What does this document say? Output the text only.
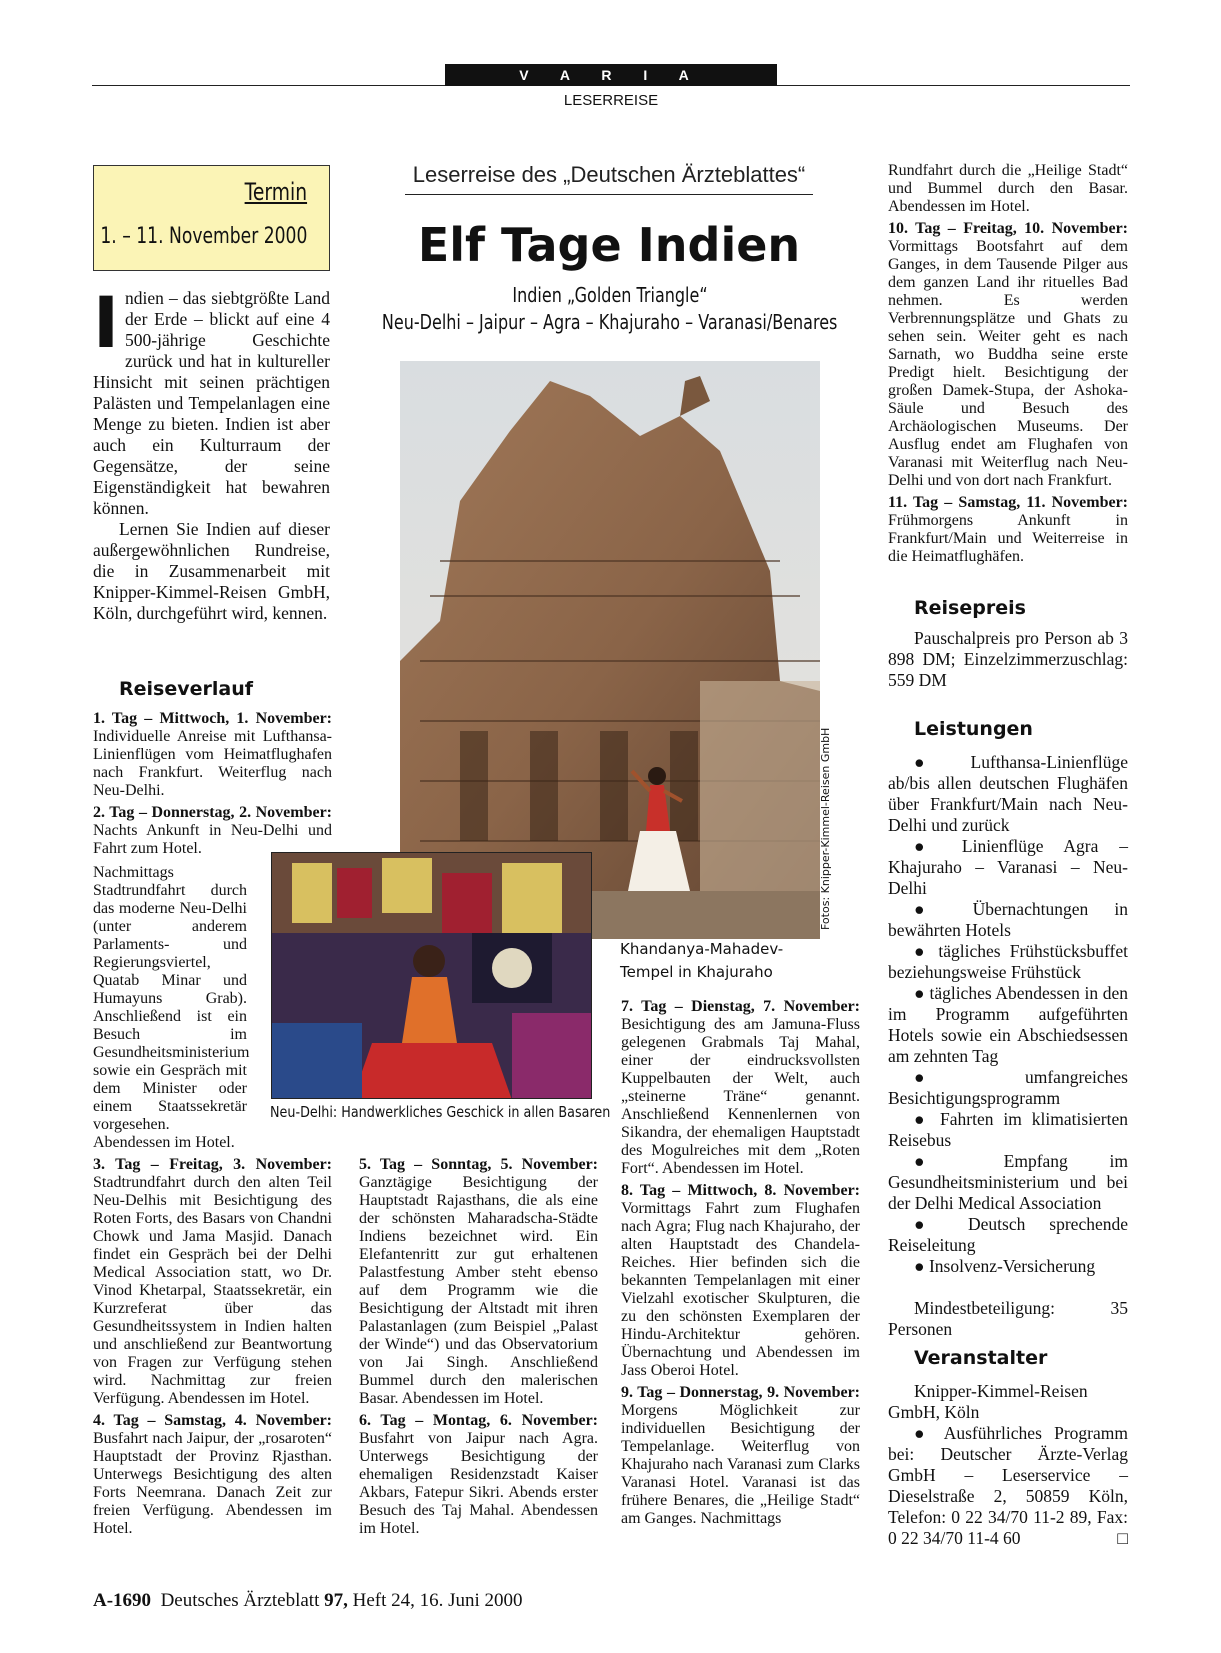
V A R I A
LESERREISE
Termin
1. – 11. November 2000

Indien – das siebtgrößte Land der Erde – blickt auf eine 4 500-jährige Geschichte zurück und hat in kultureller Hinsicht mit seinen prächtigen Palästen und Tempelanlagen eine Menge zu bieten. Indien ist aber auch ein Kulturraum der Gegensätze, der seine Eigenständigkeit hat bewahren können.

Lernen Sie Indien auf dieser außergewöhnlichen Rundreise, die in Zusammenarbeit mit Knipper-Kimmel-Reisen GmbH, Köln, durchgeführt wird, kennen.

Reiseverlauf

1. Tag – Mittwoch, 1. November: Individuelle Anreise mit Lufthansa-Linienflügen vom Heimatflughafen nach Frankfurt. Weiterflug nach Neu-Delhi.

2. Tag – Donnerstag, 2. November: Nachts Ankunft in Neu-Delhi und Fahrt zum Hotel.

Nachmittags Stadtrundfahrt durch das moderne Neu-Delhi (unter anderem Parlaments- und Regierungsviertel, Quatab Minar und Humayuns Grab). Anschließend ist ein Besuch im Gesundheitsministerium sowie ein Gespräch mit dem Minister oder einem Staatssekretär vorgesehen. Abendessen im Hotel.

3. Tag – Freitag, 3. November: Stadtrundfahrt durch den alten Teil Neu-Delhis mit Besichtigung des Roten Forts, des Basars von Chandni Chowk und Jama Masjid. Danach findet ein Gespräch bei der Delhi Medical Association statt, wo Dr. Vinod Khetarpal, Staatssekretär, ein Kurzreferat über das Gesundheitssystem in Indien halten und anschließend zur Beantwortung von Fragen zur Verfügung stehen wird. Nachmittag zur freien Verfügung. Abendessen im Hotel.

4. Tag – Samstag, 4. November: Busfahrt nach Jaipur, der „rosaroten“ Hauptstadt der Provinz Rjasthan. Unterwegs Besichtigung des alten Forts Neemrana. Danach Zeit zur freien Verfügung. Abendessen im Hotel.

5. Tag – Sonntag, 5. November: Ganztägige Besichtigung der Hauptstadt Rajasthans, die als eine der schönsten Maharadscha-Städte Indiens bezeichnet wird. Ein Elefantenritt zur gut erhaltenen Palastfestung Amber steht ebenso auf dem Programm wie die Besichtigung der Altstadt mit ihren Palastanlagen (zum Beispiel „Palast der Winde“) und das Observatorium von Jai Singh. Anschließend Bummel durch den malerischen Basar. Abendessen im Hotel.

6. Tag – Montag, 6. November: Busfahrt von Jaipur nach Agra. Unterwegs Besichtigung der ehemaligen Residenzstadt Kaiser Akbars, Fatepur Sikri. Abends erster Besuch des Taj Mahal. Abendessen im Hotel.

Leserreise des „Deutschen Ärzteblattes“
Elf Tage Indien
Indien „Golden Triangle“
Neu-Delhi – Jaipur – Agra – Khajuraho – Varanasi/Benares
Fotos: Knipper-Kimmel-Reisen GmbH
Neu-Delhi: Handwerkliches Geschick in allen Basaren
Khandanya-Mahadev-Tempel in Khajuraho

7. Tag – Dienstag, 7. November: Besichtigung des am Jamuna-Fluss gelegenen Grabmals Taj Mahal, einer der eindrucksvollsten Kuppelbauten der Welt, auch „steinerne Träne“ genannt. Anschließend Kennenlernen von Sikandra, der ehemaligen Hauptstadt des Mogulreiches mit dem „Roten Fort“. Abendessen im Hotel.

8. Tag – Mittwoch, 8. November: Vormittags Fahrt zum Flughafen nach Agra; Flug nach Khajuraho, der alten Hauptstadt des Chandela-Reiches. Hier befinden sich die bekannten Tempelanlagen mit einer Vielzahl exotischer Skulpturen, die zu den schönsten Exemplaren der Hindu-Architektur gehören. Übernachtung und Abendessen im Jass Oberoi Hotel.

9. Tag – Donnerstag, 9. November: Morgens Möglichkeit zur individuellen Besichtigung der Tempelanlage. Weiterflug von Khajuraho nach Varanasi zum Clarks Varanasi Hotel. Varanasi ist das frühere Benares, die „Heilige Stadt“ am Ganges. Nachmittags

Rundfahrt durch die „Heilige Stadt“ und Bummel durch den Basar. Abendessen im Hotel.

10. Tag – Freitag, 10. November: Vormittags Bootsfahrt auf dem Ganges, in dem Tausende Pilger aus dem ganzen Land ihr rituelles Bad nehmen. Es werden Verbrennungsplätze und Ghats zu sehen sein. Weiter geht es nach Sarnath, wo Buddha seine erste Predigt hielt. Besichtigung der großen Damek-Stupa, der Ashoka-Säule und Besuch des Archäologischen Museums. Der Ausflug endet am Flughafen von Varanasi mit Weiterflug nach Neu-Delhi und von dort nach Frankfurt.

11. Tag – Samstag, 11. November: Frühmorgens Ankunft in Frankfurt/Main und Weiterreise in die Heimatflughäfen.

Reisepreis
Pauschalpreis pro Person ab 3 898 DM; Einzelzimmerzuschlag: 559 DM
Leistungen

● Lufthansa-Linienflüge ab/bis allen deutschen Flughäfen über Frankfurt/Main nach Neu-Delhi und zurück

● Linienflüge Agra – Khajuraho – Varanasi – Neu-Delhi

● Übernachtungen in bewährten Hotels

● tägliches Frühstücksbuffet beziehungsweise Frühstück

● tägliches Abendessen in den im Programm aufgeführten Hotels sowie ein Abschiedsessen am zehnten Tag

● umfangreiches Besichtigungsprogramm

● Fahrten im klimatisierten Reisebus

● Empfang im Gesundheitsministerium und bei der Delhi Medical Association

● Deutsch sprechende Reiseleitung

● Insolvenz-Versicherung

Mindestbeteiligung: 35 Personen

Veranstalter

Knipper-Kimmel-Reisen GmbH, Köln

● Ausführliches Programm bei: Deutscher Ärzte-Verlag GmbH – Leserservice – Dieselstraße 2, 50859 Köln, Telefon: 0 22 34/70 11-2 89, Fax: 0 22 34/70 11-4 60	□

A-1690 Deutsches Ärzteblatt 97, Heft 24, 16. Juni 2000
